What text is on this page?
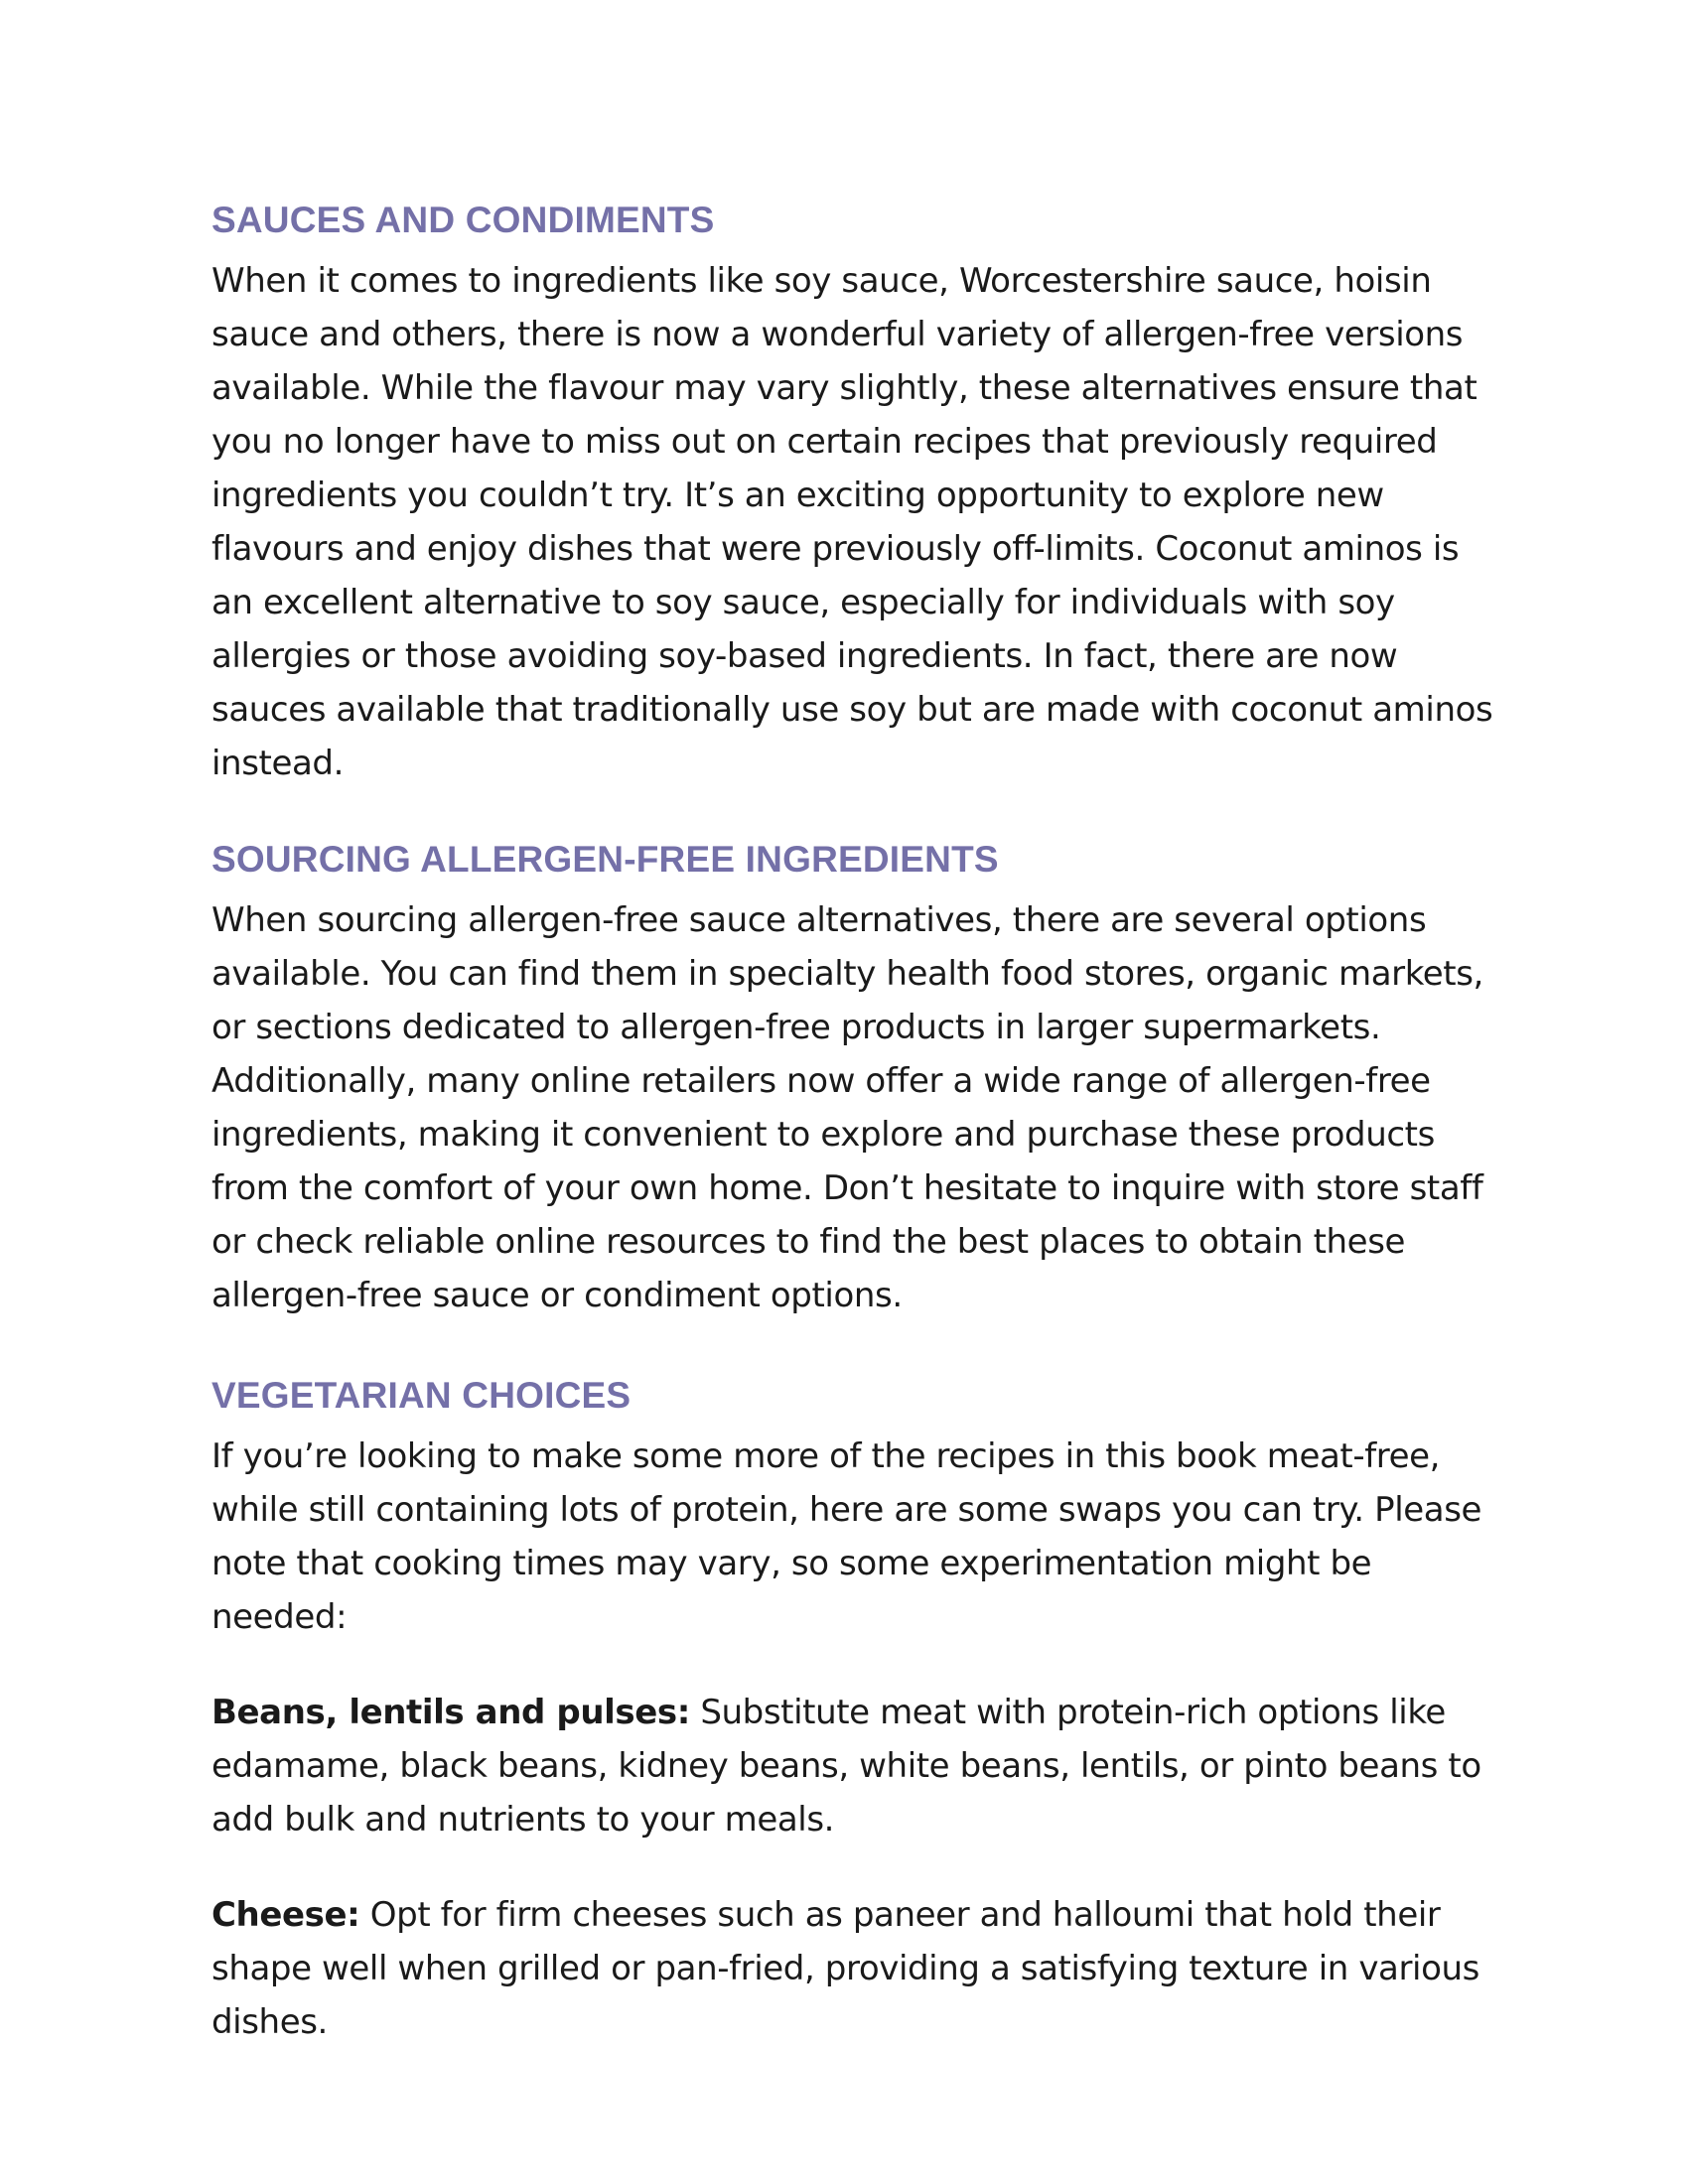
SAUCES AND CONDIMENTS

When it comes to ingredients like soy sauce, Worcestershire sauce, hoisin sauce and others, there is now a wonderful variety of allergen-free versions available. While the flavour may vary slightly, these alternatives ensure that you no longer have to miss out on certain recipes that previously required ingredients you couldn’t try. It’s an exciting opportunity to explore new flavours and enjoy dishes that were previously off-limits. Coconut aminos is an excellent alternative to soy sauce, especially for individuals with soy allergies or those avoiding soy-based ingredients. In fact, there are now sauces available that traditionally use soy but are made with coconut aminos instead.

SOURCING ALLERGEN-FREE INGREDIENTS

When sourcing allergen-free sauce alternatives, there are several options available. You can find them in specialty health food stores, organic markets, or sections dedicated to allergen-free products in larger supermarkets. Additionally, many online retailers now offer a wide range of allergen-free ingredients, making it convenient to explore and purchase these products from the comfort of your own home. Don’t hesitate to inquire with store staff or check reliable online resources to find the best places to obtain these allergen-free sauce or condiment options.

VEGETARIAN CHOICES

If you’re looking to make some more of the recipes in this book meat-free, while still containing lots of protein, here are some swaps you can try. Please note that cooking times may vary, so some experimentation might be needed:

Beans, lentils and pulses: Substitute meat with protein-rich options like edamame, black beans, kidney beans, white beans, lentils, or pinto beans to add bulk and nutrients to your meals.

Cheese: Opt for firm cheeses such as paneer and halloumi that hold their shape well when grilled or pan-fried, providing a satisfying texture in various dishes.
